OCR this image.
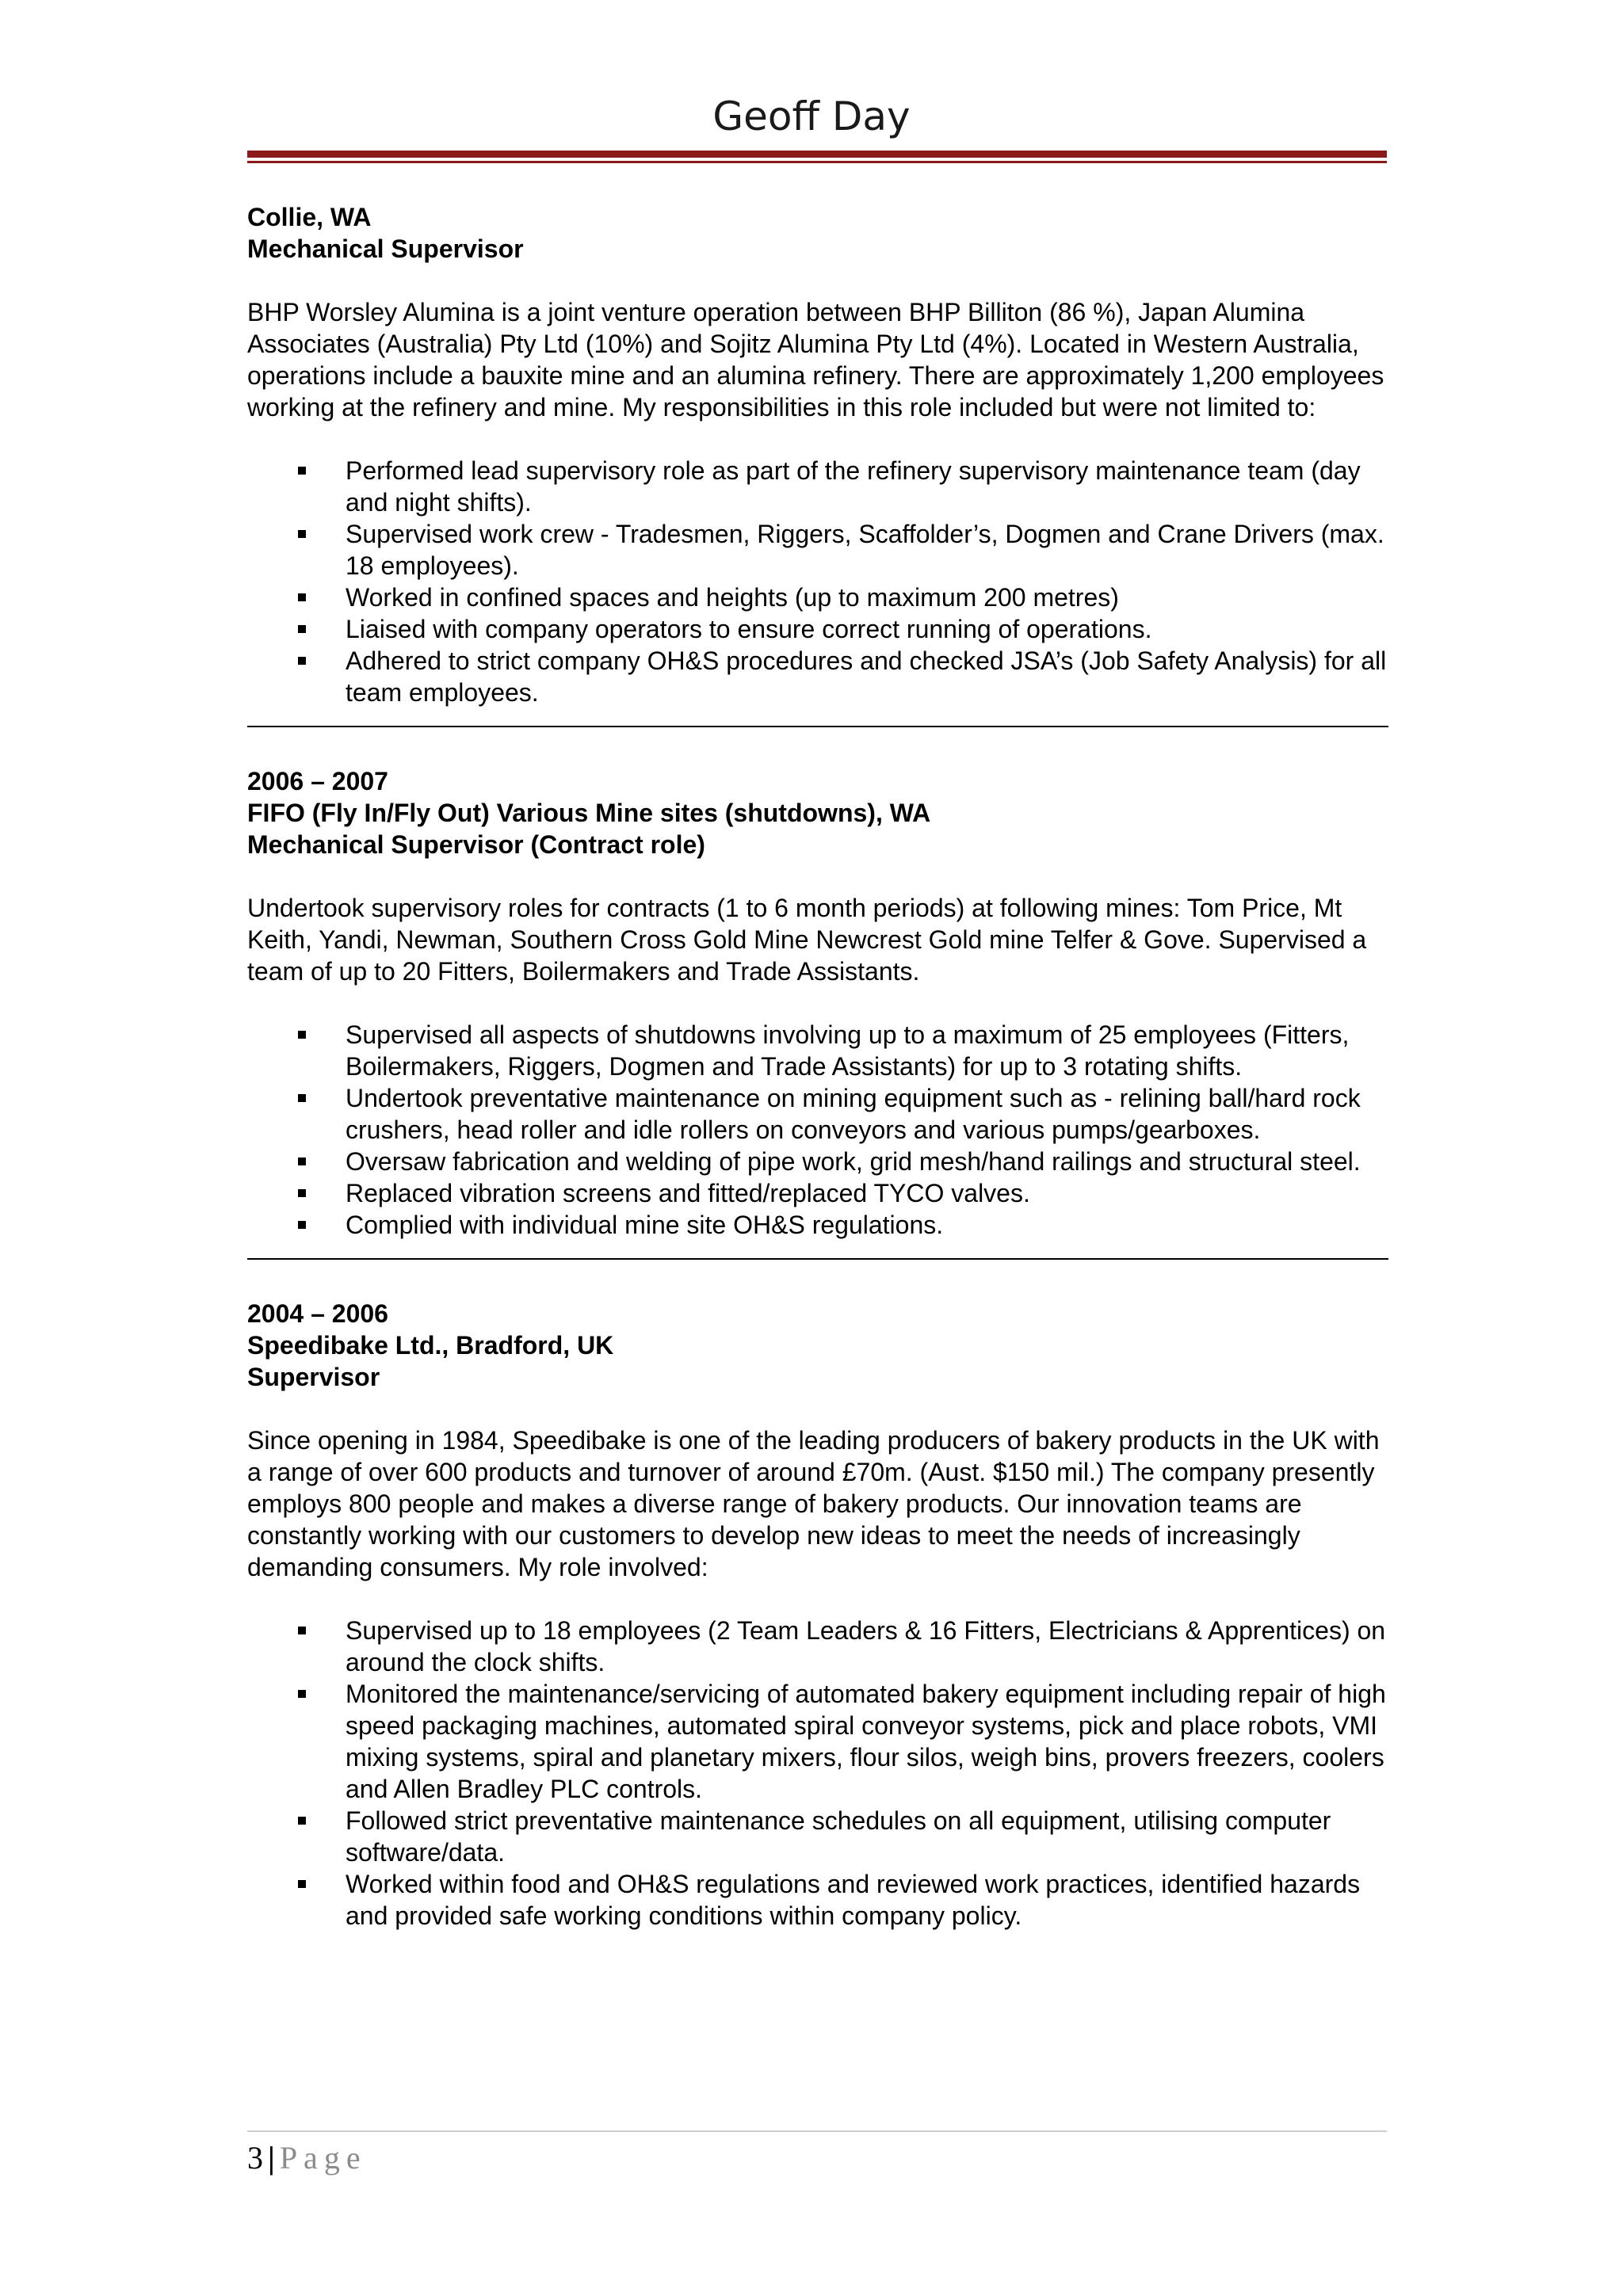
Geoff Day

Collie, WA

Mechanical Supervisor

BHP Worsley Alumina is a joint venture operation between BHP Billiton (86 %), Japan Alumina Associates (Australia) Pty Ltd (10%) and Sojitz Alumina Pty Ltd (4%). Located in Western Australia, operations include a bauxite mine and an alumina refinery. There are approximately 1,200 employees working at the refinery and mine. My responsibilities in this role included but were not limited to:

Performed lead supervisory role as part of the refinery supervisory maintenance team (day and night shifts).
Supervised work crew - Tradesmen, Riggers, Scaffolder’s, Dogmen and Crane Drivers (max. 18 employees).
Worked in confined spaces and heights (up to maximum 200 metres)
Liaised with company operators to ensure correct running of operations.
Adhered to strict company OH&S procedures and checked JSA’s (Job Safety Analysis) for all team employees.

2006 – 2007

FIFO (Fly In/Fly Out) Various Mine sites (shutdowns), WA

Mechanical Supervisor (Contract role)

Undertook supervisory roles for contracts (1 to 6 month periods) at following mines: Tom Price, Mt Keith, Yandi, Newman, Southern Cross Gold Mine Newcrest Gold mine Telfer & Gove. Supervised a team of up to 20 Fitters, Boilermakers and Trade Assistants.

Supervised all aspects of shutdowns involving up to a maximum of 25 employees (Fitters, Boilermakers, Riggers, Dogmen and Trade Assistants) for up to 3 rotating shifts.
Undertook preventative maintenance on mining equipment such as - relining ball/hard rock crushers, head roller and idle rollers on conveyors and various pumps/gearboxes.
Oversaw fabrication and welding of pipe work, grid mesh/hand railings and structural steel.
Replaced vibration screens and fitted/replaced TYCO valves.
Complied with individual mine site OH&S regulations.

2004 – 2006

Speedibake Ltd., Bradford, UK

Supervisor

Since opening in 1984, Speedibake is one of the leading producers of bakery products in the UK with a range of over 600 products and turnover of around £70m. (Aust. $150 mil.) The company presently employs 800 people and makes a diverse range of bakery products. Our innovation teams are constantly working with our customers to develop new ideas to meet the needs of increasingly demanding consumers. My role involved:

Supervised up to 18 employees (2 Team Leaders & 16 Fitters, Electricians & Apprentices) on around the clock shifts.
Monitored the maintenance/servicing of automated bakery equipment including repair of high speed packaging machines, automated spiral conveyor systems, pick and place robots, VMI mixing systems, spiral and planetary mixers, flour silos, weigh bins, provers freezers, coolers and Allen Bradley PLC controls.
Followed strict preventative maintenance schedules on all equipment, utilising computer software/data.
Worked within food and OH&S regulations and reviewed work practices, identified hazards and provided safe working conditions within company policy.
3 | Page
